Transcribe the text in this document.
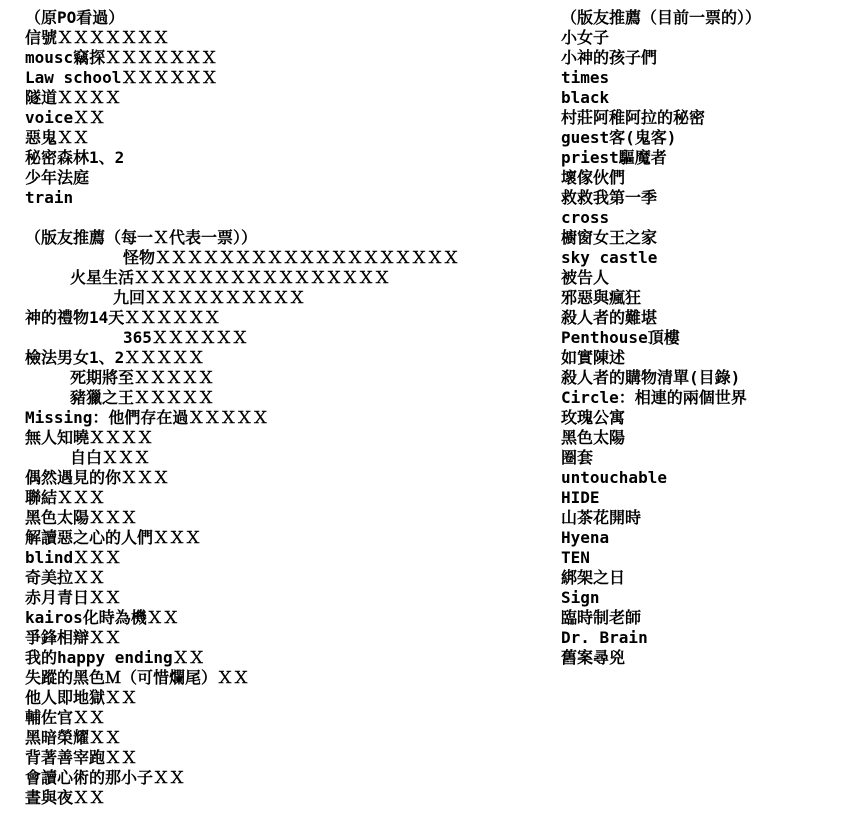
（原PO看過）
信號ＸＸＸＸＸＸＸ
mousc竊探ＸＸＸＸＸＸＸ
Law schoolＸＸＸＸＸＸ
隧道ＸＸＸＸ
voiceＸＸ
惡鬼ＸＸ
秘密森林1、2
少年法庭
train
（版友推薦（每一Ｘ代表一票））
怪物ＸＸＸＸＸＸＸＸＸＸＸＸＸＸＸＸＸＸＸ
火星生活ＸＸＸＸＸＸＸＸＸＸＸＸＸＸＸＸ
九回ＸＸＸＸＸＸＸＸＸＸ
神的禮物14天ＸＸＸＸＸＸ
365ＸＸＸＸＸＸ
檢法男女1、2ＸＸＸＸＸ
死期將至ＸＸＸＸＸ
豬獵之王ＸＸＸＸＸ
Missing：他們存在過ＸＸＸＸＸ
無人知曉ＸＸＸＸ
自白ＸＸＸ
偶然遇見的你ＸＸＸ
聯結ＸＸＸ
黑色太陽ＸＸＸ
解讀惡之心的人們ＸＸＸ
blindＸＸＸ
奇美拉ＸＸ
赤月青日ＸＸ
kairos化時為機ＸＸ
爭鋒相辯ＸＸ
我的happy endingＸＸ
失蹤的黑色Ｍ（可惜爛尾）ＸＸ
他人即地獄ＸＸ
輔佐官ＸＸ
黑暗榮耀ＸＸ
背著善宰跑ＸＸ
會讀心術的那小子ＸＸ
晝與夜ＸＸ
（版友推薦（目前一票的））
小女子
小神的孩子們
times
black
村莊阿稚阿拉的秘密
guest客(鬼客)
priest驅魔者
壞傢伙們
救救我第一季
cross
櫥窗女王之家
sky castle
被告人
邪惡與瘋狂
殺人者的難堪
Penthouse頂樓
如實陳述
殺人者的購物清單(目錄)
Circle：相連的兩個世界
玫瑰公寓
黑色太陽
圈套
untouchable
HIDE
山茶花開時
Hyena
TEN
綁架之日
Sign
臨時制老師
Dr. Brain
舊案尋兇
